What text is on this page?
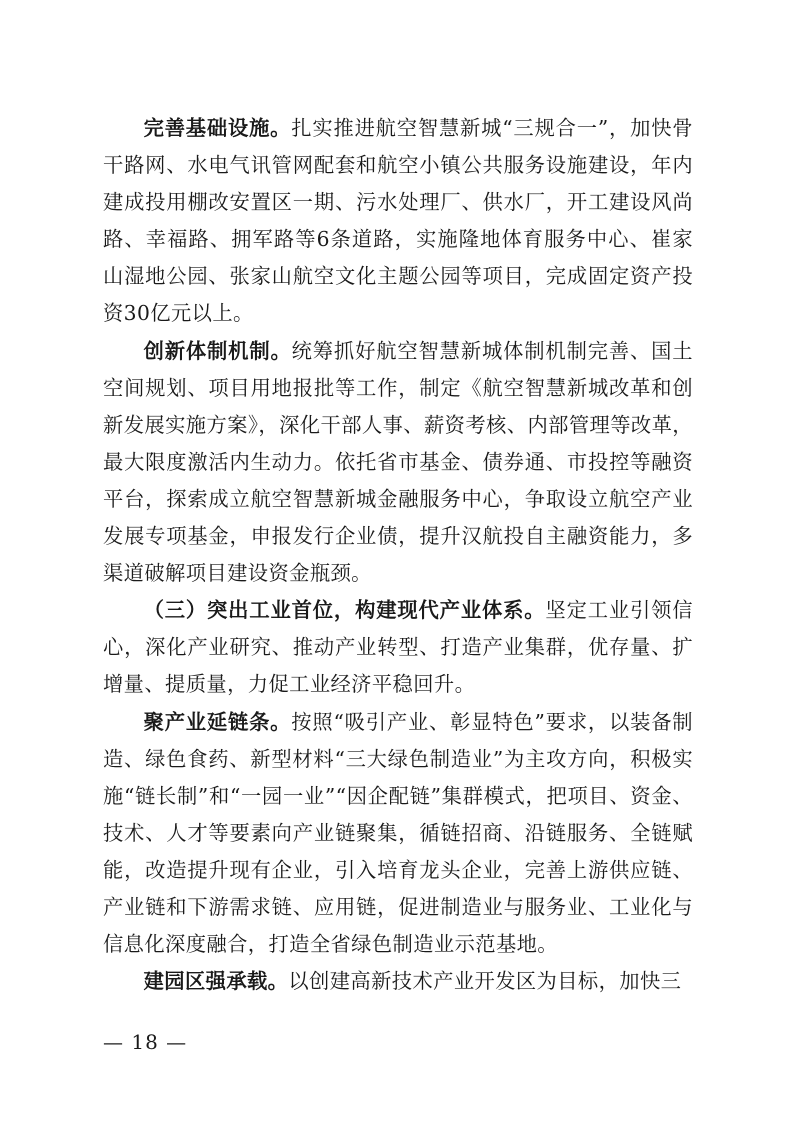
完善基础设施。扎实推进航空智慧新城“三规合一”，加快骨干路网、水电气讯管网配套和航空小镇公共服务设施建设，年内建成投用棚改安置区一期、污水处理厂、供水厂，开工建设风尚路、幸福路、拥军路等6条道路，实施隆地体育服务中心、崔家山湿地公园、张家山航空文化主题公园等项目，完成固定资产投资30亿元以上。

创新体制机制。统筹抓好航空智慧新城体制机制完善、国土空间规划、项目用地报批等工作，制定《航空智慧新城改革和创新发展实施方案》，深化干部人事、薪资考核、内部管理等改革，最大限度激活内生动力。依托省市基金、债券通、市投控等融资平台，探索成立航空智慧新城金融服务中心，争取设立航空产业发展专项基金，申报发行企业债，提升汉航投自主融资能力，多渠道破解项目建设资金瓶颈。

（三）突出工业首位，构建现代产业体系。坚定工业引领信心，深化产业研究、推动产业转型、打造产业集群，优存量、扩增量、提质量，力促工业经济平稳回升。

聚产业延链条。按照“吸引产业、彰显特色”要求，以装备制造、绿色食药、新型材料“三大绿色制造业”为主攻方向，积极实施“链长制”和“一园一业”“因企配链”集群模式，把项目、资金、技术、人才等要素向产业链聚集，循链招商、沿链服务、全链赋能，改造提升现有企业，引入培育龙头企业，完善上游供应链、产业链和下游需求链、应用链，促进制造业与服务业、工业化与信息化深度融合，打造全省绿色制造业示范基地。

建园区强承载。以创建高新技术产业开发区为目标，加快三

— 18 —
